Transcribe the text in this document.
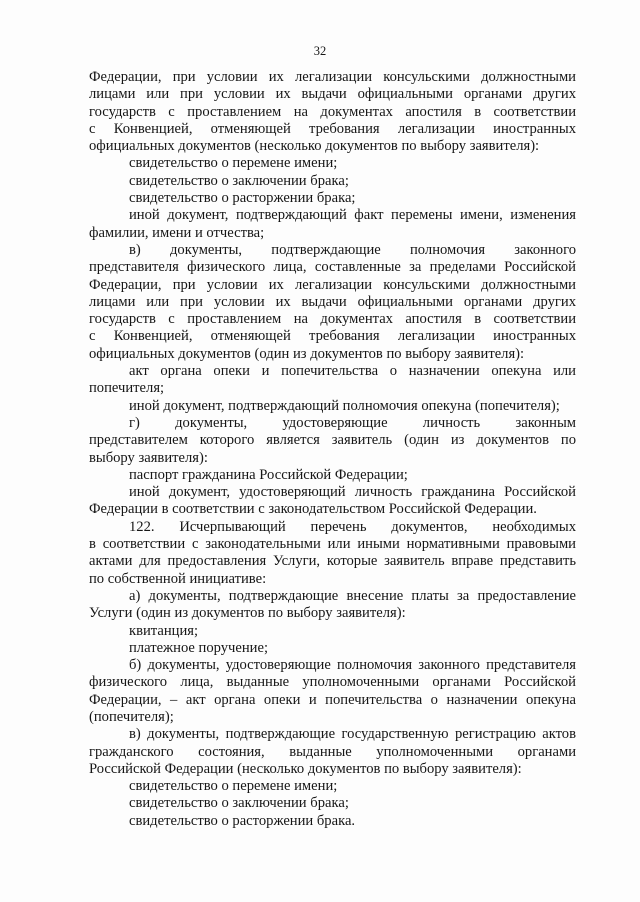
32
Федерации, при условии их легализации консульскими должностными
лицами или при условии их выдачи официальными органами других
государств с проставлением на документах апостиля в соответствии
с Конвенцией, отменяющей требования легализации иностранных
официальных документов (несколько документов по выбору заявителя):
свидетельство о перемене имени;
свидетельство о заключении брака;
свидетельство о расторжении брака;
иной документ, подтверждающий факт перемены имени, изменения
фамилии, имени и отчества;
в) документы, подтверждающие полномочия законного
представителя физического лица, составленные за пределами Российской
Федерации, при условии их легализации консульскими должностными
лицами или при условии их выдачи официальными органами других
государств с проставлением на документах апостиля в соответствии
с Конвенцией, отменяющей требования легализации иностранных
официальных документов (один из документов по выбору заявителя):
акт органа опеки и попечительства о назначении опекуна или
попечителя;
иной документ, подтверждающий полномочия опекуна (попечителя);
г) документы, удостоверяющие личность законным
представителем которого является заявитель (один из документов по
выбору заявителя):
паспорт гражданина Российской Федерации;
иной документ, удостоверяющий личность гражданина Российской
Федерации в соответствии с законодательством Российской Федерации.
122. Исчерпывающий перечень документов, необходимых
в соответствии с законодательными или иными нормативными правовыми
актами для предоставления Услуги, которые заявитель вправе представить
по собственной инициативе:
а) документы, подтверждающие внесение платы за предоставление
Услуги (один из документов по выбору заявителя):
квитанция;
платежное поручение;
б) документы, удостоверяющие полномочия законного представителя
физического лица, выданные уполномоченными органами Российской
Федерации, – акт органа опеки и попечительства о назначении опекуна
(попечителя);
в) документы, подтверждающие государственную регистрацию актов
гражданского состояния, выданные уполномоченными органами
Российской Федерации (несколько документов по выбору заявителя):
свидетельство о перемене имени;
свидетельство о заключении брака;
свидетельство о расторжении брака.
